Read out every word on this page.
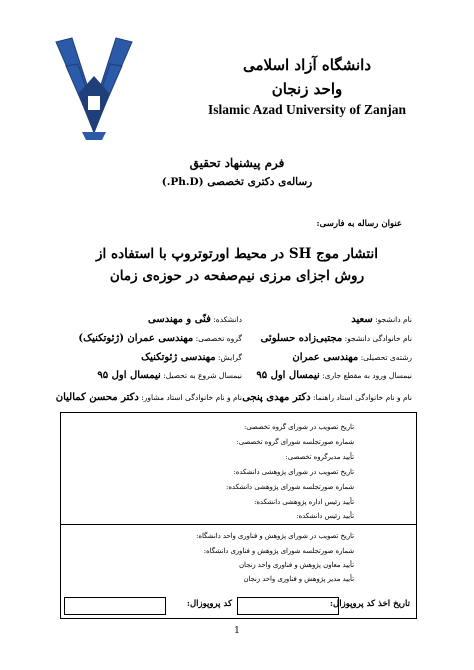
دانشگاه آزاد اسلامی
واحد زنجان
Islamic Azad University of Zanjan
فرم پیشنهاد تحقیق
رساله‌ی دکتری تخصصی (Ph.D.)
عنوان رساله به فارسی:
انتشار موج SH در محیط اورتوتروپ با استفاده از
روش اجزای مرزی نیم‌صفحه در حوزه‌ی زمان
نام دانشجو: سعید
نام خانوادگی دانشجو: مجتبی‌زاده حسلوئی
رشته‌ی تحصیلی: مهندسی عمران
نیمسال ورود به مقطع جاری: نیمسال اول ۹۵
نام و نام خانوادگی استاد راهنما: دکتر مهدی پنجی
دانشکده: فنّی و مهندسی
گروه تخصصی: مهندسی عمران (ژئوتکنیک)
گرایش: مهندسی ژئوتکنیک
نیمسال شروع به تحصیل: نیمسال اول ۹۵
نام و نام خانوادگی استاد مشاور: دکتر محسن کمالیان
تاریخ تصویب در شورای گروه تخصصی:
شماره صورتجلسه شورای گروه تخصصی:
تأیید مدیرگروه تخصصی:
تاریخ تصویب در شورای پژوهشی دانشکده:
شماره صورتجلسه شورای پژوهشی دانشکده:
تأیید رئیس اداره پژوهشی دانشکده:
تأیید رئیس دانشکده:
تاریخ تصویب در شورای پژوهش و فناوری واحد دانشگاه:
شماره صورتجلسه شورای پژوهش و فناوری دانشگاه:
تأیید معاون پژوهش و فناوری واحد زنجان
تأیید مدیر پژوهش و فناوری واحد زنجان
تاریخ اخذ کد پروپوزال:
کد پروپوزال:
1
